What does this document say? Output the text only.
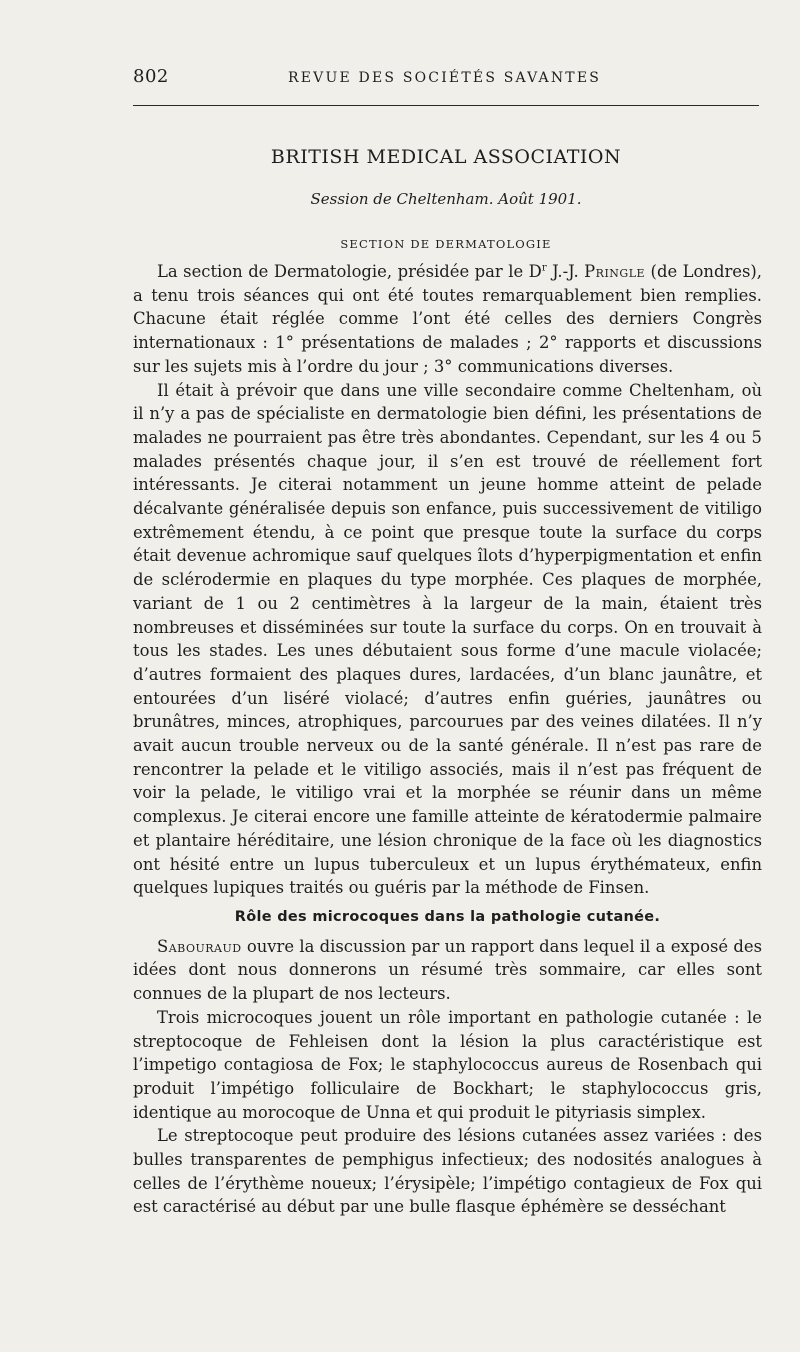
802	REVUE DES SOCIÉTÉS SAVANTES
BRITISH MEDICAL ASSOCIATION
Session de Cheltenham. Août 1901.
SECTION DE DERMATOLOGIE

La section de Dermatologie, présidée par le $D^r$ J.-J. Pringle (de Londres), a tenu trois séances qui ont été toutes remarquablement bien remplies. Chacune était réglée comme l’ont été celles des derniers Congrès internationaux : 1° présentations de malades ; 2° rapports et discussions sur les sujets mis à l’ordre du jour ; 3° communications diverses.

Il était à prévoir que dans une ville secondaire comme Cheltenham, où il n’y a pas de spécialiste en dermatologie bien défini, les présentations de malades ne pourraient pas être très abondantes. Cependant, sur les 4 ou 5 malades présentés chaque jour, il s’en est trouvé de réellement fort intéressants. Je citerai notamment un jeune homme atteint de pelade décalvante généralisée depuis son enfance, puis successivement de vitiligo extrêmement étendu, à ce point que presque toute la surface du corps était devenue achromique sauf quelques îlots d’hyperpigmentation et enfin de sclérodermie en plaques du type morphée. Ces plaques de morphée, variant de 1 ou 2 centimètres à la largeur de la main, étaient très nombreuses et disséminées sur toute la surface du corps. On en trouvait à tous les stades. Les unes débutaient sous forme d’une macule violacée; d’autres formaient des plaques dures, lardacées, d’un blanc jaunâtre, et entourées d’un liséré violacé; d’autres enfin guéries, jaunâtres ou brunâtres, minces, atrophiques, parcourues par des veines dilatées. Il n’y avait aucun trouble nerveux ou de la santé générale. Il n’est pas rare de rencontrer la pelade et le vitiligo associés, mais il n’est pas fréquent de voir la pelade, le vitiligo vrai et la morphée se réunir dans un même complexus. Je citerai encore une famille atteinte de kératodermie palmaire et plantaire héréditaire, une lésion chronique de la face où les diagnostics ont hésité entre un lupus tuberculeux et un lupus érythémateux, enfin quelques lupiques traités ou guéris par la méthode de Finsen.

Rôle des microcoques dans la pathologie cutanée.

Sabouraud ouvre la discussion par un rapport dans lequel il a exposé des idées dont nous donnerons un résumé très sommaire, car elles sont connues de la plupart de nos lecteurs.

Trois microcoques jouent un rôle important en pathologie cutanée : le streptocoque de Fehleisen dont la lésion la plus caractéristique est l’impetigo contagiosa de Fox; le staphylococcus aureus de Rosenbach qui produit l’impétigo folliculaire de Bockhart; le staphylococcus gris, identique au morocoque de Unna et qui produit le pityriasis simplex.

Le streptocoque peut produire des lésions cutanées assez variées : des bulles transparentes de pemphigus infectieux; des nodosités analogues à celles de l’érythème noueux; l’érysipèle; l’impétigo contagieux de Fox qui est caractérisé au début par une bulle flasque éphémère se desséchant
